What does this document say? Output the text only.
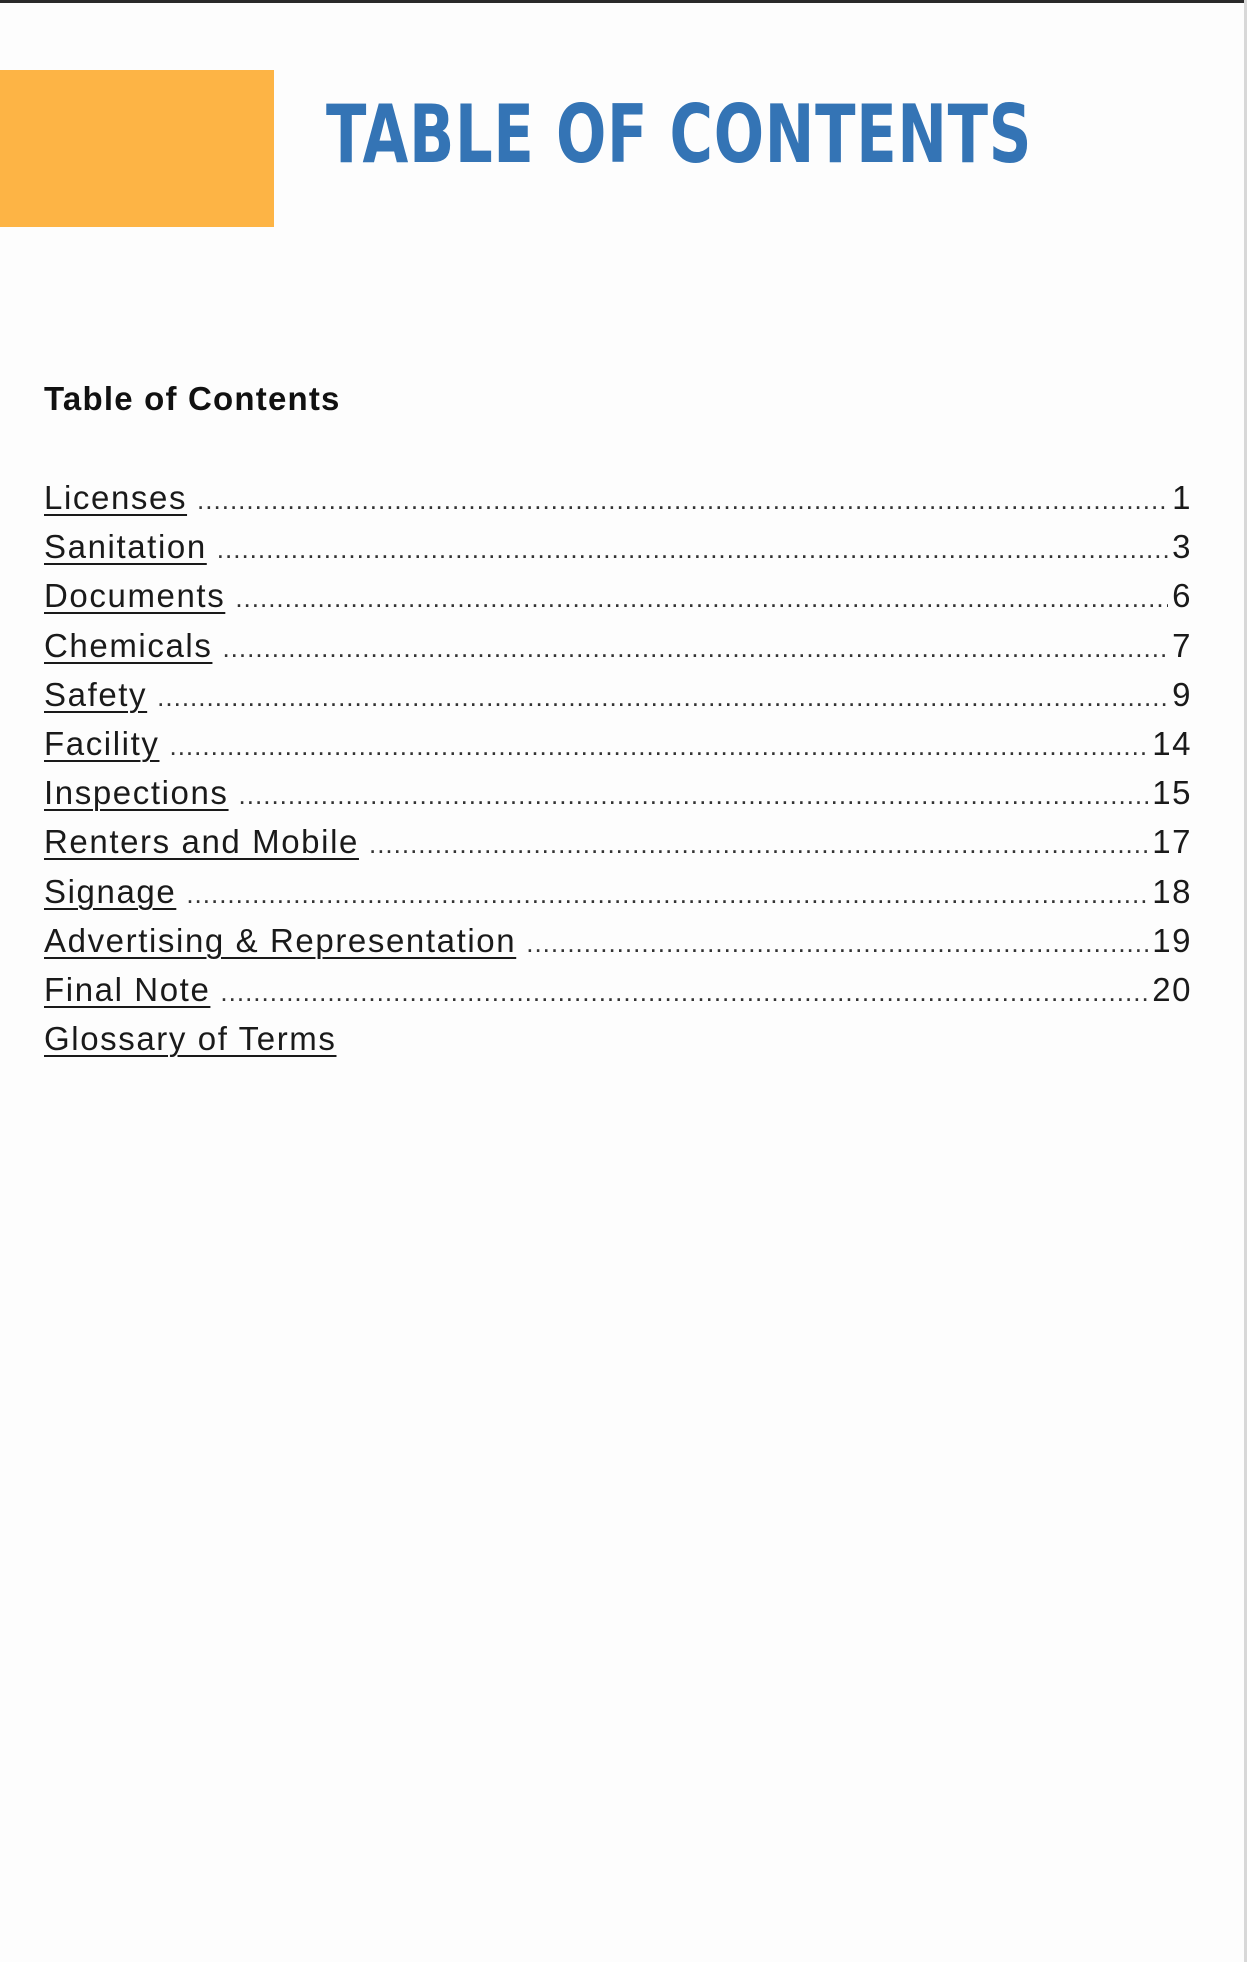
TABLE OF CONTENTS
Table of Contents
Licenses .....	1
Sanitation .....	3
Documents .....	6
Chemicals .....	7
Safety .....	9
Facility .....	14
Inspections .....	15
Renters and Mobile .....	17
Signage .....	18
Advertising & Representation .....	19
Final Note .....	20
Glossary of Terms
